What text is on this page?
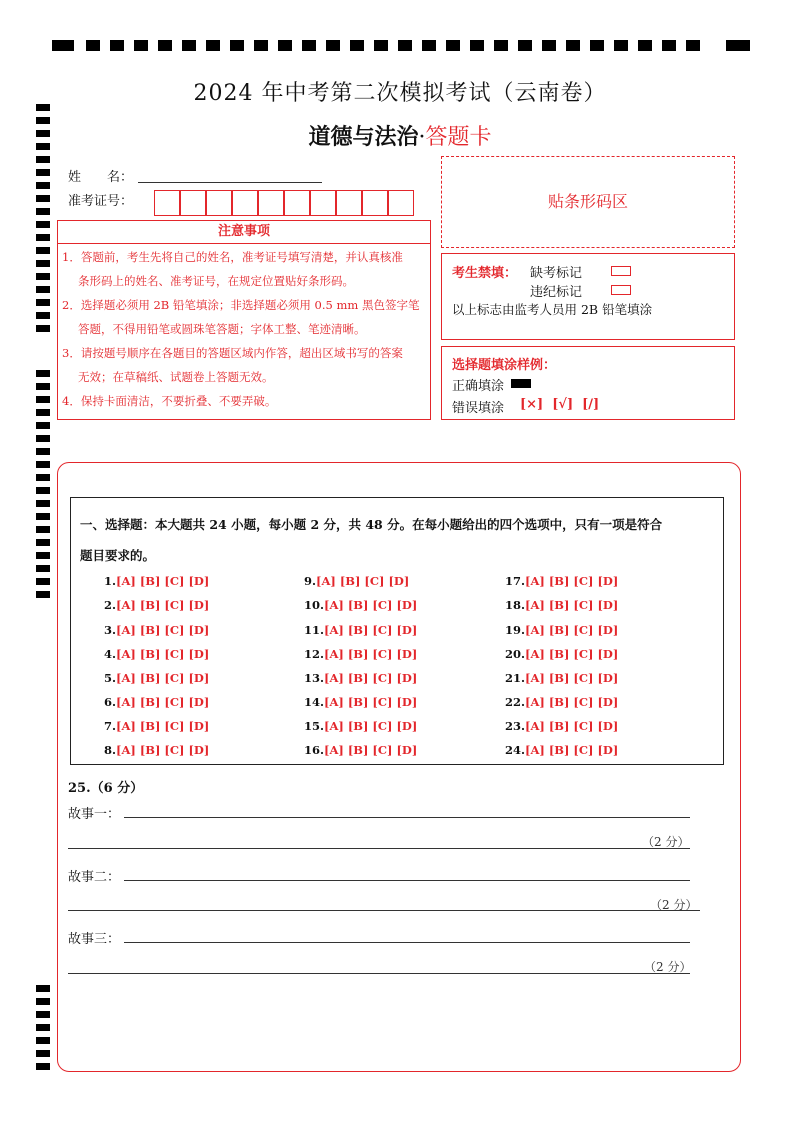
2024 年中考第二次模拟考试（云南卷）
道德与法治·答题卡
姓　　名：
准考证号：	贴条形码区
注意事项
1．答题前，考生先将自己的姓名，准考证号填写清楚，并认真核准
条形码上的姓名、准考证号，在规定位置贴好条形码。
2．选择题必须用 2B 铅笔填涂；非选择题必须用 0.5 mm 黑色签字笔
答题，不得用铅笔或圆珠笔答题；字体工整、笔迹清晰。
3．请按题号顺序在各题目的答题区域内作答，超出区域书写的答案
无效；在草稿纸、试题卷上答题无效。
4．保持卡面清洁，不要折叠、不要弄破。
考生禁填： 缺考标记
违纪标记
以上标志由监考人员用 2B 铅笔填涂
选择题填涂样例：
正确填涂
错误填涂 [×]  [√]  [/]
一、选择题：本大题共 24 小题，每小题 2 分，共 48 分。在每小题给出的四个选项中，只有一项是符合
题目要求的。
1.[A] [B] [C] [D]
2.[A] [B] [C] [D]
3.[A] [B] [C] [D]
4.[A] [B] [C] [D]
5.[A] [B] [C] [D]
6.[A] [B] [C] [D]
7.[A] [B] [C] [D]
8.[A] [B] [C] [D]
9.[A] [B] [C] [D]
10.[A] [B] [C] [D]
11.[A] [B] [C] [D]
12.[A] [B] [C] [D]
13.[A] [B] [C] [D]
14.[A] [B] [C] [D]
15.[A] [B] [C] [D]
16.[A] [B] [C] [D]
17.[A] [B] [C] [D]
18.[A] [B] [C] [D]
19.[A] [B] [C] [D]
20.[A] [B] [C] [D]
21.[A] [B] [C] [D]
22.[A] [B] [C] [D]
23.[A] [B] [C] [D]
24.[A] [B] [C] [D]
25.（6 分）
故事一：
（2 分）
故事二：
（2 分）
故事三：
（2 分）
